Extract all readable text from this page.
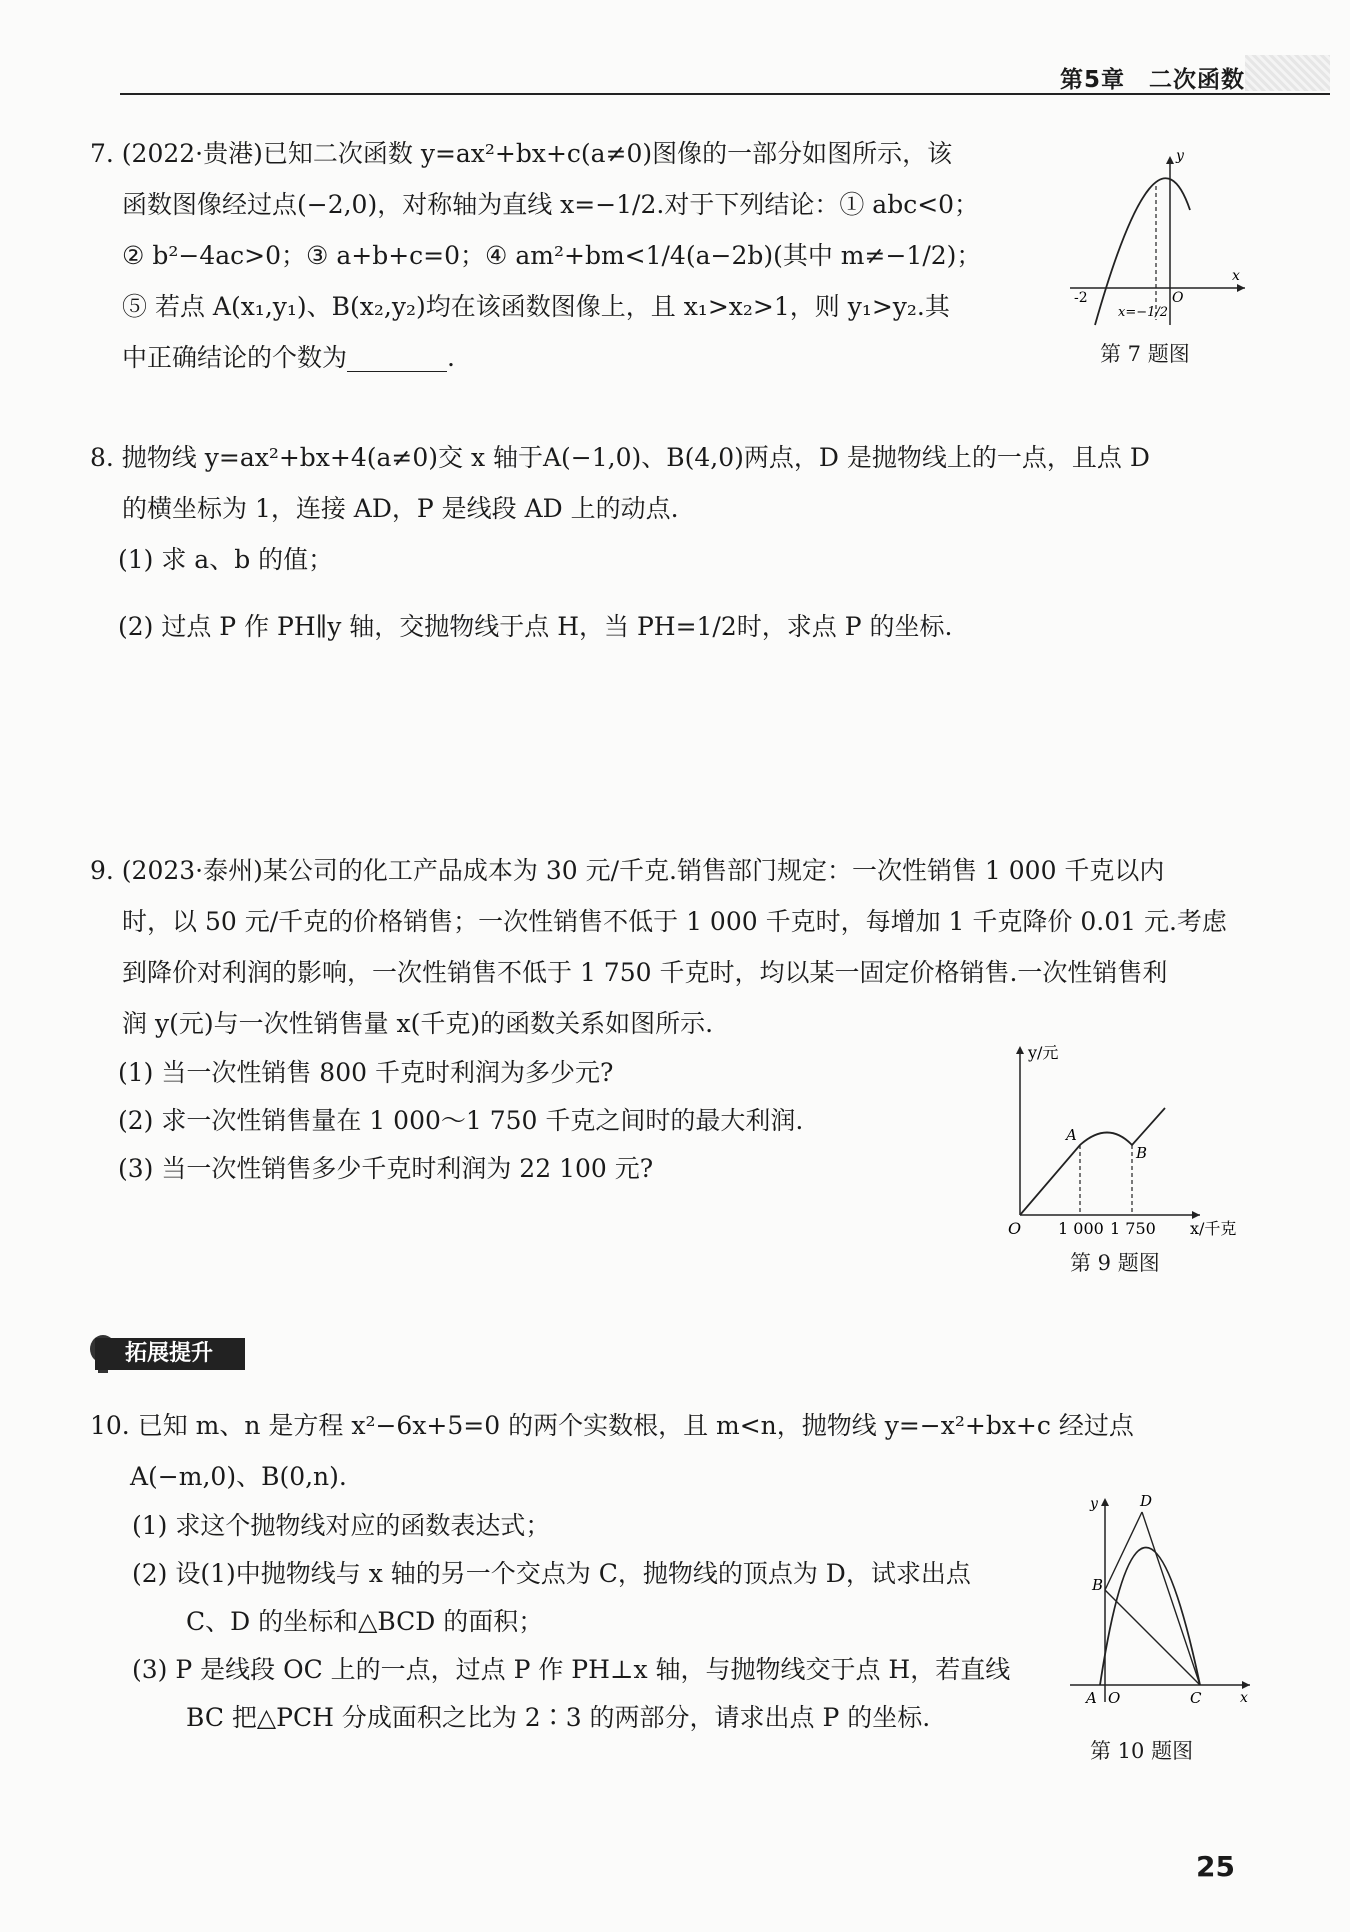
第5章　二次函数

7. (2022·贵港)已知二次函数 y=ax²+bx+c(a≠0)图像的一部分如图所示，该

函数图像经过点(−2,0)，对称轴为直线 x=−1/2.对于下列结论：① abc<0；

② b²−4ac>0；③ a+b+c=0；④ am²+bm<1/4(a−2b)(其中 m≠−1/2)；

⑤ 若点 A(x₁,y₁)、B(x₂,y₂)均在该函数图像上，且 x₁>x₂>1，则 y₁>y₂.其

中正确结论的个数为________.

-2
y
x
O
x=−1/2
第 7 题图

8. 抛物线 y=ax²+bx+4(a≠0)交 x 轴于A(−1,0)、B(4,0)两点，D 是抛物线上的一点，且点 D

的横坐标为 1，连接 AD，P 是线段 AD 上的动点.

(1) 求 a、b 的值；

(2) 过点 P 作 PH∥y 轴，交抛物线于点 H，当 PH=1/2时，求点 P 的坐标.

9. (2023·泰州)某公司的化工产品成本为 30 元/千克.销售部门规定：一次性销售 1 000 千克以内

时，以 50 元/千克的价格销售；一次性销售不低于 1 000 千克时，每增加 1 千克降价 0.01 元.考虑

到降价对利润的影响，一次性销售不低于 1 750 千克时，均以某一固定价格销售.一次性销售利

润 y(元)与一次性销售量 x(千克)的函数关系如图所示.

(1) 当一次性销售 800 千克时利润为多少元?

(2) 求一次性销售量在 1 000～1 750 千克之间时的最大利润.

(3) 当一次性销售多少千克时利润为 22 100 元?

y/元
x/千克
O 1 000 1 750
A
B
第 9 题图
拓展提升

10. 已知 m、n 是方程 x²−6x+5=0 的两个实数根，且 m<n，抛物线 y=−x²+bx+c 经过点

A(−m,0)、B(0,n).

(1) 求这个抛物线对应的函数表达式；

(2) 设(1)中抛物线与 x 轴的另一个交点为 C，抛物线的顶点为 D，试求出点

C、D 的坐标和△BCD 的面积；

(3) P 是线段 OC 上的一点，过点 P 作 PH⊥x 轴，与抛物线交于点 H，若直线

BC 把△PCH 分成面积之比为 2∶3 的两部分，请求出点 P 的坐标.

y
x
D
B
A O	C
第 10 题图
25
